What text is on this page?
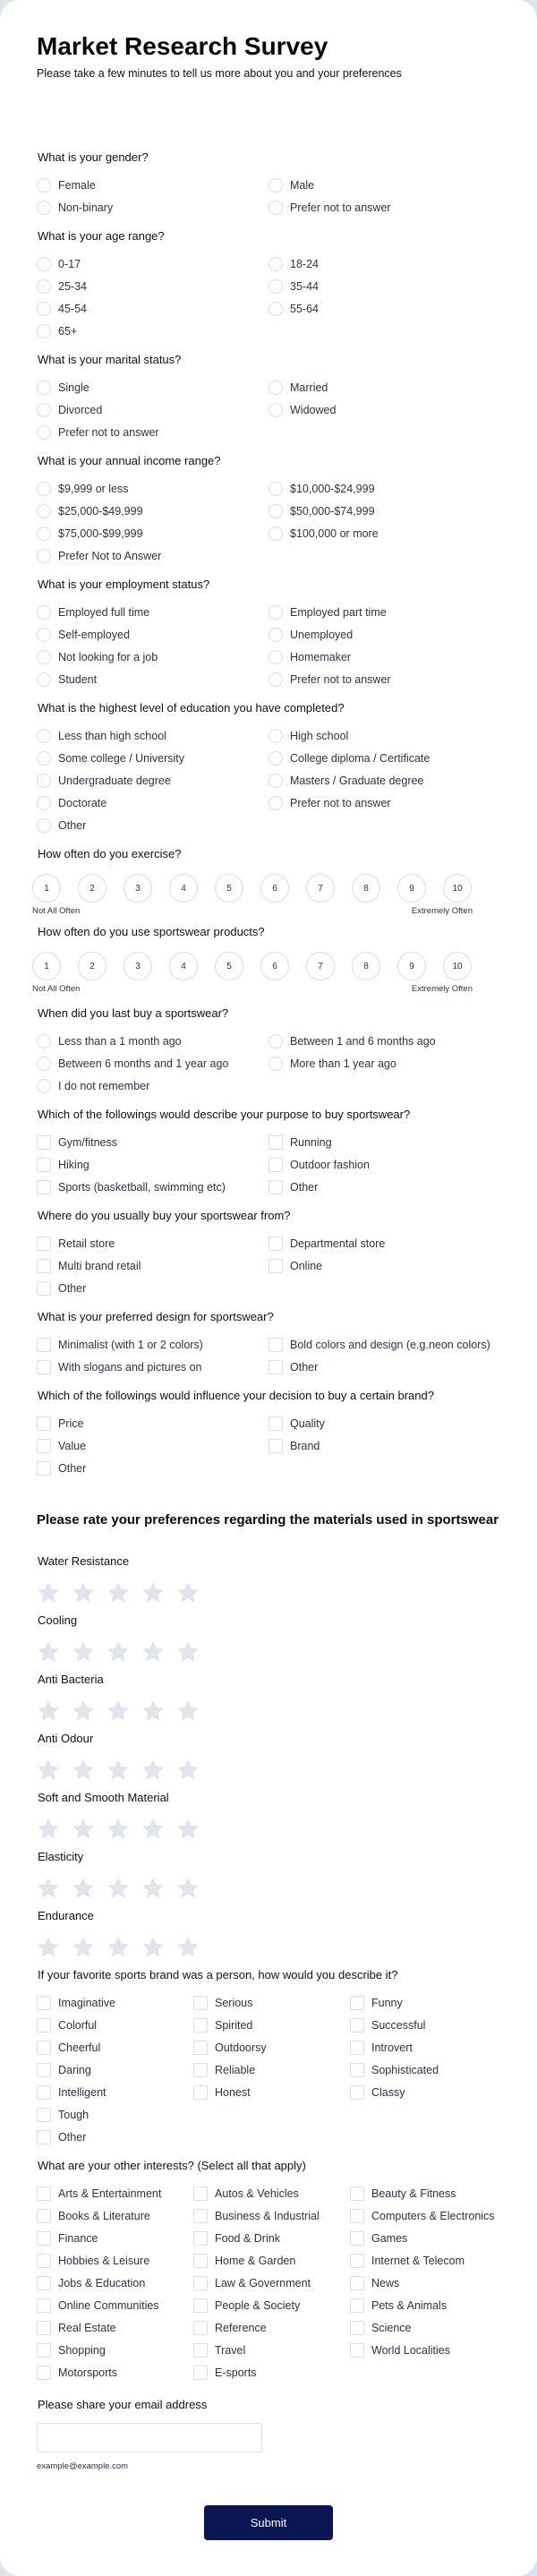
Market Research Survey

Please take a few minutes to tell us more about you and your preferences

What is your gender?
Female	Male
Non-binary	Prefer not to answer
What is your age range?
0-17	18-24
25-34	35-44
45-54	55-64
65+
What is your marital status?
Single	Married
Divorced	Widowed
Prefer not to answer
What is your annual income range?
$9,999 or less	$10,000-$24,999
$25,000-$49,999	$50,000-$74,999
$75,000-$99,999	$100,000 or more
Prefer Not to Answer
What is your employment status?
Employed full time	Employed part time
Self-employed	Unemployed
Not looking for a job	Homemaker
Student	Prefer not to answer
What is the highest level of education you have completed?
Less than high school	High school
Some college / University	College diploma / Certificate
Undergraduate degree	Masters / Graduate degree
Doctorate	Prefer not to answer
Other
How often do you exercise?
1	2	3	4	5	6	7	8	9	10
Not All Often	Extremely Often
How often do you use sportswear products?
1	2	3	4	5	6	7	8	9	10
Not All Often	Extremely Often
When did you last buy a sportswear?
Less than a 1 month ago	Between 1 and 6 months ago
Between 6 months and 1 year ago	More than 1 year ago
I do not remember
Which of the followings would describe your purpose to buy sportswear?
Gym/fitness	Running
Hiking	Outdoor fashion
Sports (basketball, swimming etc)	Other
Where do you usually buy your sportswear from?
Retail store	Departmental store
Multi brand retail	Online
Other
What is your preferred design for sportswear?
Minimalist (with 1 or 2 colors)	Bold colors and design (e.g.neon colors)
With slogans and pictures on	Other
Which of the followings would influence your decision to buy a certain brand?
Price	Quality
Value	Brand
Other
Please rate your preferences regarding the materials used in sportswear
Water Resistance
Cooling
Anti Bacteria
Anti Odour
Soft and Smooth Material
Elasticity
Endurance
If your favorite sports brand was a person, how would you describe it?
Imaginative	Serious	Funny
Colorful	Spirited	Successful
Cheerful	Outdoorsy	Introvert
Daring	Reliable	Sophisticated
Intelligent	Honest	Classy
Tough
Other
What are your other interests? (Select all that apply)
Arts & Entertainment	Autos & Vehicles	Beauty & Fitness
Books & Literature	Business & Industrial	Computers & Electronics
Finance	Food & Drink	Games
Hobbies & Leisure	Home & Garden	Internet & Telecom
Jobs & Education	Law & Government	News
Online Communities	People & Society	Pets & Animals
Real Estate	Reference	Science
Shopping	Travel	World Localities
Motorsports	E-sports
Please share your email address
example@example.com
Submit
